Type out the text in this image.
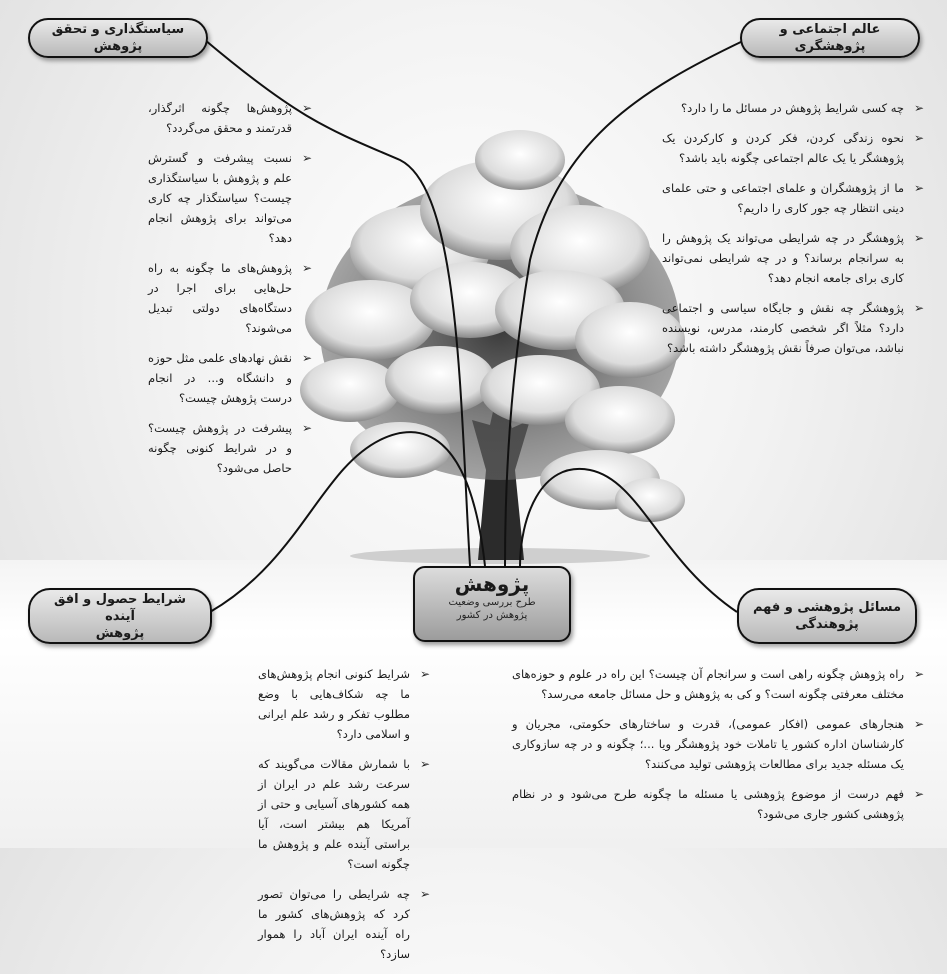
سیاستگذاری و تحقق پژوهش
➢
پژوهش‌ها چگونه اثرگذار، قدرتمند و محقق می‌گردد؟
➢
نسبت پیشرفت و گسترش علم و پژوهش با سیاستگذاری چیست؟ سیاستگذار چه کاری می‌تواند برای پژوهش انجام دهد؟
➢
پژوهش‌های ما چگونه به راه حل‌هایی برای اجرا در دستگاه‌های دولتی تبدیل می‌شوند؟
➢
نقش نهادهای علمی مثل حوزه و دانشگاه و... در انجام درست پژوهش چیست؟
➢
پیشرفت در پژوهش چیست؟ و در شرایط کنونی چگونه حاصل می‌شود؟
عالم اجتماعی و پژوهشگری
➢
چه کسی شرایط پژوهش در مسائل ما را دارد؟
➢
نحوه زندگی کردن، فکر کردن و کارکردن یک پژوهشگر یا یک عالم اجتماعی چگونه باید باشد؟
➢
ما از پژوهشگران و علمای اجتماعی و حتی علمای دینی انتظار چه جور کاری را داریم؟
➢
پژوهشگر در چه شرایطی می‌تواند یک پژوهش را به سرانجام برساند؟ و در چه شرایطی نمی‌تواند کاری برای جامعه انجام دهد؟
➢
پژوهشگر چه نقش و جایگاه سیاسی و اجتماعی دارد؟ مثلاً اگر شخصی کارمند، مدرس، نویسنده نباشد، می‌توان صرفاً نقش پژوهشگر داشته باشد؟
پژوهش
طرح بررسی وضعیت
پژوهش در کشور
شرایط حصول و افق آینده
پژوهش
➢
شرایط کنونی انجام پژوهش‌های ما چه شکاف‌هایی با وضع مطلوب تفکر و رشد علم ایرانی و اسلامی دارد؟
➢
با شمارش مقالات می‌گویند که سرعت رشد علم در ایران از همه کشورهای آسیایی و حتی از آمریکا هم بیشتر است، آیا براستی آینده علم و پژوهش ما چگونه است؟
➢
چه شرایطی را می‌توان تصور کرد که پژوهش‌های کشور ما راه آینده ایران آباد را هموار سازد؟
مسائل پژوهشی و فهم
پژوهندگی
➢
راه پژوهش چگونه راهی است و سرانجام آن چیست؟ این راه در علوم و حوزه‌های مختلف معرفتی چگونه است؟ و کی به پژوهش و حل مسائل جامعه می‌رسد؟
➢
هنجارهای عمومی (افکار عمومی)، قدرت و ساختارهای حکومتی، مجریان و کارشناسان اداره کشور یا تاملات خود پژوهشگر ویا ...؛ چگونه و در چه سازوکاری یک مسئله جدید برای مطالعات پژوهشی تولید می‌کنند؟
➢
فهم درست از موضوع پژوهشی یا مسئله ما چگونه طرح می‌شود و در نظام پژوهشی کشور جاری می‌شود؟
